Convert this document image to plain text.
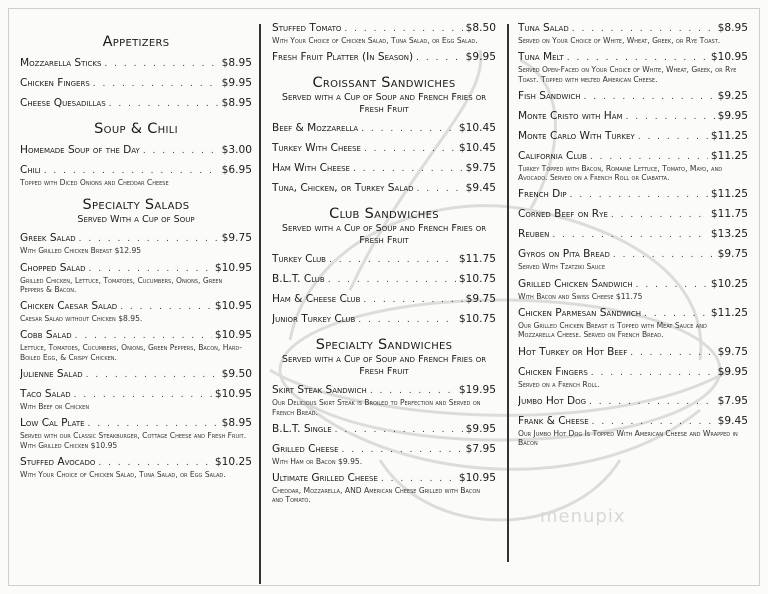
Appetizers
Mozzarella Sticks . . .	$8.95
Chicken Fingers . . .	$9.95
Cheese Quesadillas . . .	$8.95
Soup & Chili
Homemade Soup of the Day . . .	$3.00
Chili . . .	$6.95
Topped with Diced Onions and Cheddar Cheese
Specialty Salads
Served With a Cup of Soup
Greek Salad . . .	$9.75
With Grilled Chicken Breast $12.95
Chopped Salad . . .	$10.95
Grilled Chicken, Lettuce, Tomatoes, Cucumbers, Onions, Green Peppers & Bacon.
Chicken Caesar Salad . . .	$10.95
Caesar Salad without Chicken $8.95.
Cobb Salad . . .	$10.95
Lettuce, Tomatoes, Cucumbers, Onions, Green Peppers, Bacon, Hard-Boiled Egg, & Crispy Chicken.
Julienne Salad . . .	$9.50
Taco Salad . . .	$10.95
With Beef or Chicken
Low Cal Plate . . .	$8.95
Served with our Classic Steakburger, Cottage Cheese and Fresh Fruit. With Grilled Chicken $10.95
Stuffed Avocado . . .	$10.25
With Your Choice of Chicken Salad, Tuna Salad, or Egg Salad.
Stuffed Tomato . . .	$8.50
With Your Choice of Chicken Salad, Tuna Salad, or Egg Salad.
Fresh Fruit Platter (In Season) . . .	$9.95
Croissant Sandwiches
Served with a Cup of Soup and French Fries or Fresh Fruit
Beef & Mozzarella . . .	$10.45
Turkey With Cheese . . .	$10.45
Ham With Cheese . . .	$9.75
Tuna, Chicken, or Turkey Salad . . .	$9.45
Club Sandwiches
Served with a Cup of Soup and French Fries or Fresh Fruit
Turkey Club . . .	$11.75
B.L.T. Club . . .	$10.75
Ham & Cheese Club . . .	$9.75
Junior Turkey Club . . .	$10.75
Specialty Sandwiches
Served with a Cup of Soup and French Fries or Fresh Fruit
Skirt Steak Sandwich . . .	$19.95
Our Delicious Skirt Steak is Broiled to Perfection and Served on French Bread.
B.L.T. Single . . .	$9.95
Grilled Cheese . . .	$7.95
With Ham or Bacon $9.95.
Ultimate Grilled Cheese . . .	$10.95
Cheddar, Mozzarella, AND American Cheese Grilled with Bacon and Tomato.
Tuna Salad . . .	$8.95
Served on Your Choice of White, Wheat, Greek, or Rye Toast.
Tuna Melt . . .	$10.95
Served Open-Faced on Your Choice of White, Wheat, Greek, or Rye Toast. Topped with melted American Cheese.
Fish Sandwich . . .	$9.25
Monte Cristo with Ham . . .	$9.95
Monte Carlo With Turkey . . .	$11.25
California Club . . .	$11.25
Turkey Topped with Bacon, Romaine Lettuce, Tomato, Mayo, and Avocado. Served on a French Roll or Ciabatta.
French Dip . . .	$11.25
Corned Beef on Rye . . .	$11.75
Reuben . . .	$13.25
Gyros on Pita Bread . . .	$9.75
Served With Tzatziki Sauce
Grilled Chicken Sandwich . . .	$10.25
With Bacon and Swiss Cheese $11.75
Chicken Parmesan Sandwich . . .	$11.25
Our Grilled Chicken Breast is Topped with Meat Sauce and Mozzarella Cheese. Served on French Bread.
Hot Turkey or Hot Beef . . .	$9.75
Chicken Fingers . . .	$9.95
Served on a French Roll.
Jumbo Hot Dog . . .	$7.95
Frank & Cheese . . .	$9.45
Our Jumbo Hot Dog Is Topped With American Cheese and Wrapped in Bacon
menupix
